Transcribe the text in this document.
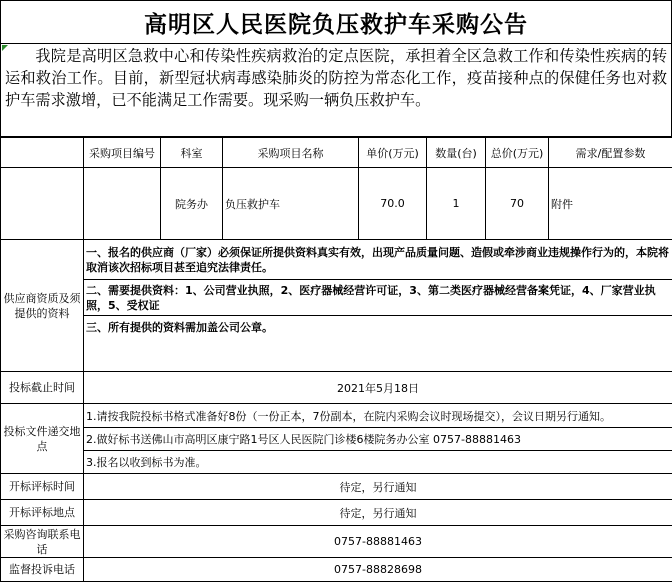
高明区人民医院负压救护车采购公告
我院是高明区急救中心和传染性疾病救治的定点医院，承担着全区急救工作和传染性疾病的转运和救治工作。目前，新型冠状病毒感染肺炎的防控为常态化工作，疫苗接种点的保健任务也对救护车需求激增，已不能满足工作需要。现采购一辆负压救护车。
	采购项目编号	科室	采购项目名称	单价(万元)	数量(台)	总价(万元)	需求/配置参数
		院务办	负压救护车	70.0	1	70	附件
供应商资质及须提供的资料	一、报名的供应商（厂家）必须保证所提供资料真实有效，出现产品质量问题、造假或牵涉商业违规操作行为的，本院将取消该次招标项目甚至追究法律责任。						
	二、需要提供资料：1、公司营业执照，2、医疗器械经营许可证，3、第二类医疗器械经营备案凭证，4、厂家营业执照，5、受权证						
	三、所有提供的资料需加盖公司公章。						
投标截止时间	2021年5月18日						
投标文件递交地点	1.请按我院投标书格式准备好8份（一份正本，7份副本，在院内采购会议时现场提交），会议日期另行通知。						
	2.做好标书送佛山市高明区康宁路1号区人民医院门诊楼6楼院务办公室 0757-88881463						
	3.报名以收到标书为准。						
开标评标时间	待定，另行通知						
开标评标地点	待定，另行通知						
采购咨询联系电话	0757-88881463						
监督投诉电话	0757-88828698						
